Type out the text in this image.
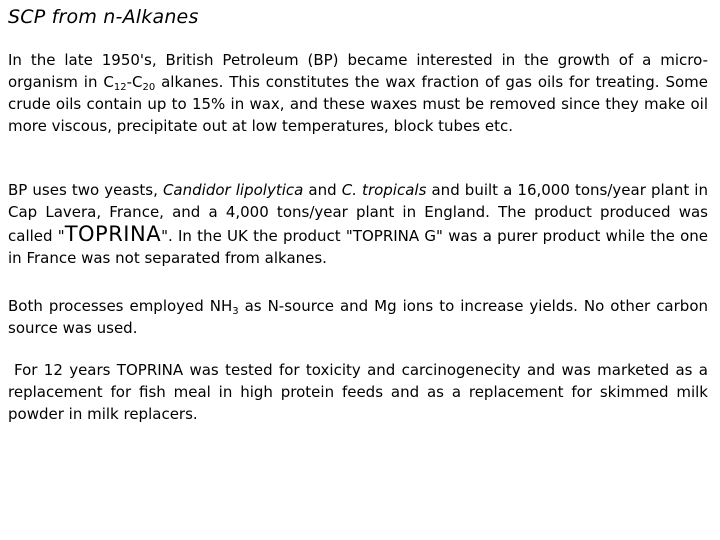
SCP from n-Alkanes
In the late 1950's, British Petroleum (BP) became interested in the growth of a micro-organism in $C_{12}-C_{20}$ alkanes. This constitutes the wax fraction of gas oils for treating. Some crude oils contain up to 15% in wax, and these waxes must be removed since they make oil more viscous, precipitate out at low temperatures, block tubes etc.
BP uses two yeasts, Candidor lipolytica and C. tropicals and built a 16,000 tons/year plant in Cap Lavera, France, and a 4,000 tons/year plant in England. The product produced was called "TOPRINA". In the UK the product "TOPRINA G" was a purer product while the one in France was not separated from alkanes.
Both processes employed $NH_3$ as N-source and Mg ions to increase yields. No other carbon source was used.
For 12 years TOPRINA was tested for toxicity and carcinogenecity and was marketed as a replacement for fish meal in high protein feeds and as a replacement for skimmed milk powder in milk replacers.
